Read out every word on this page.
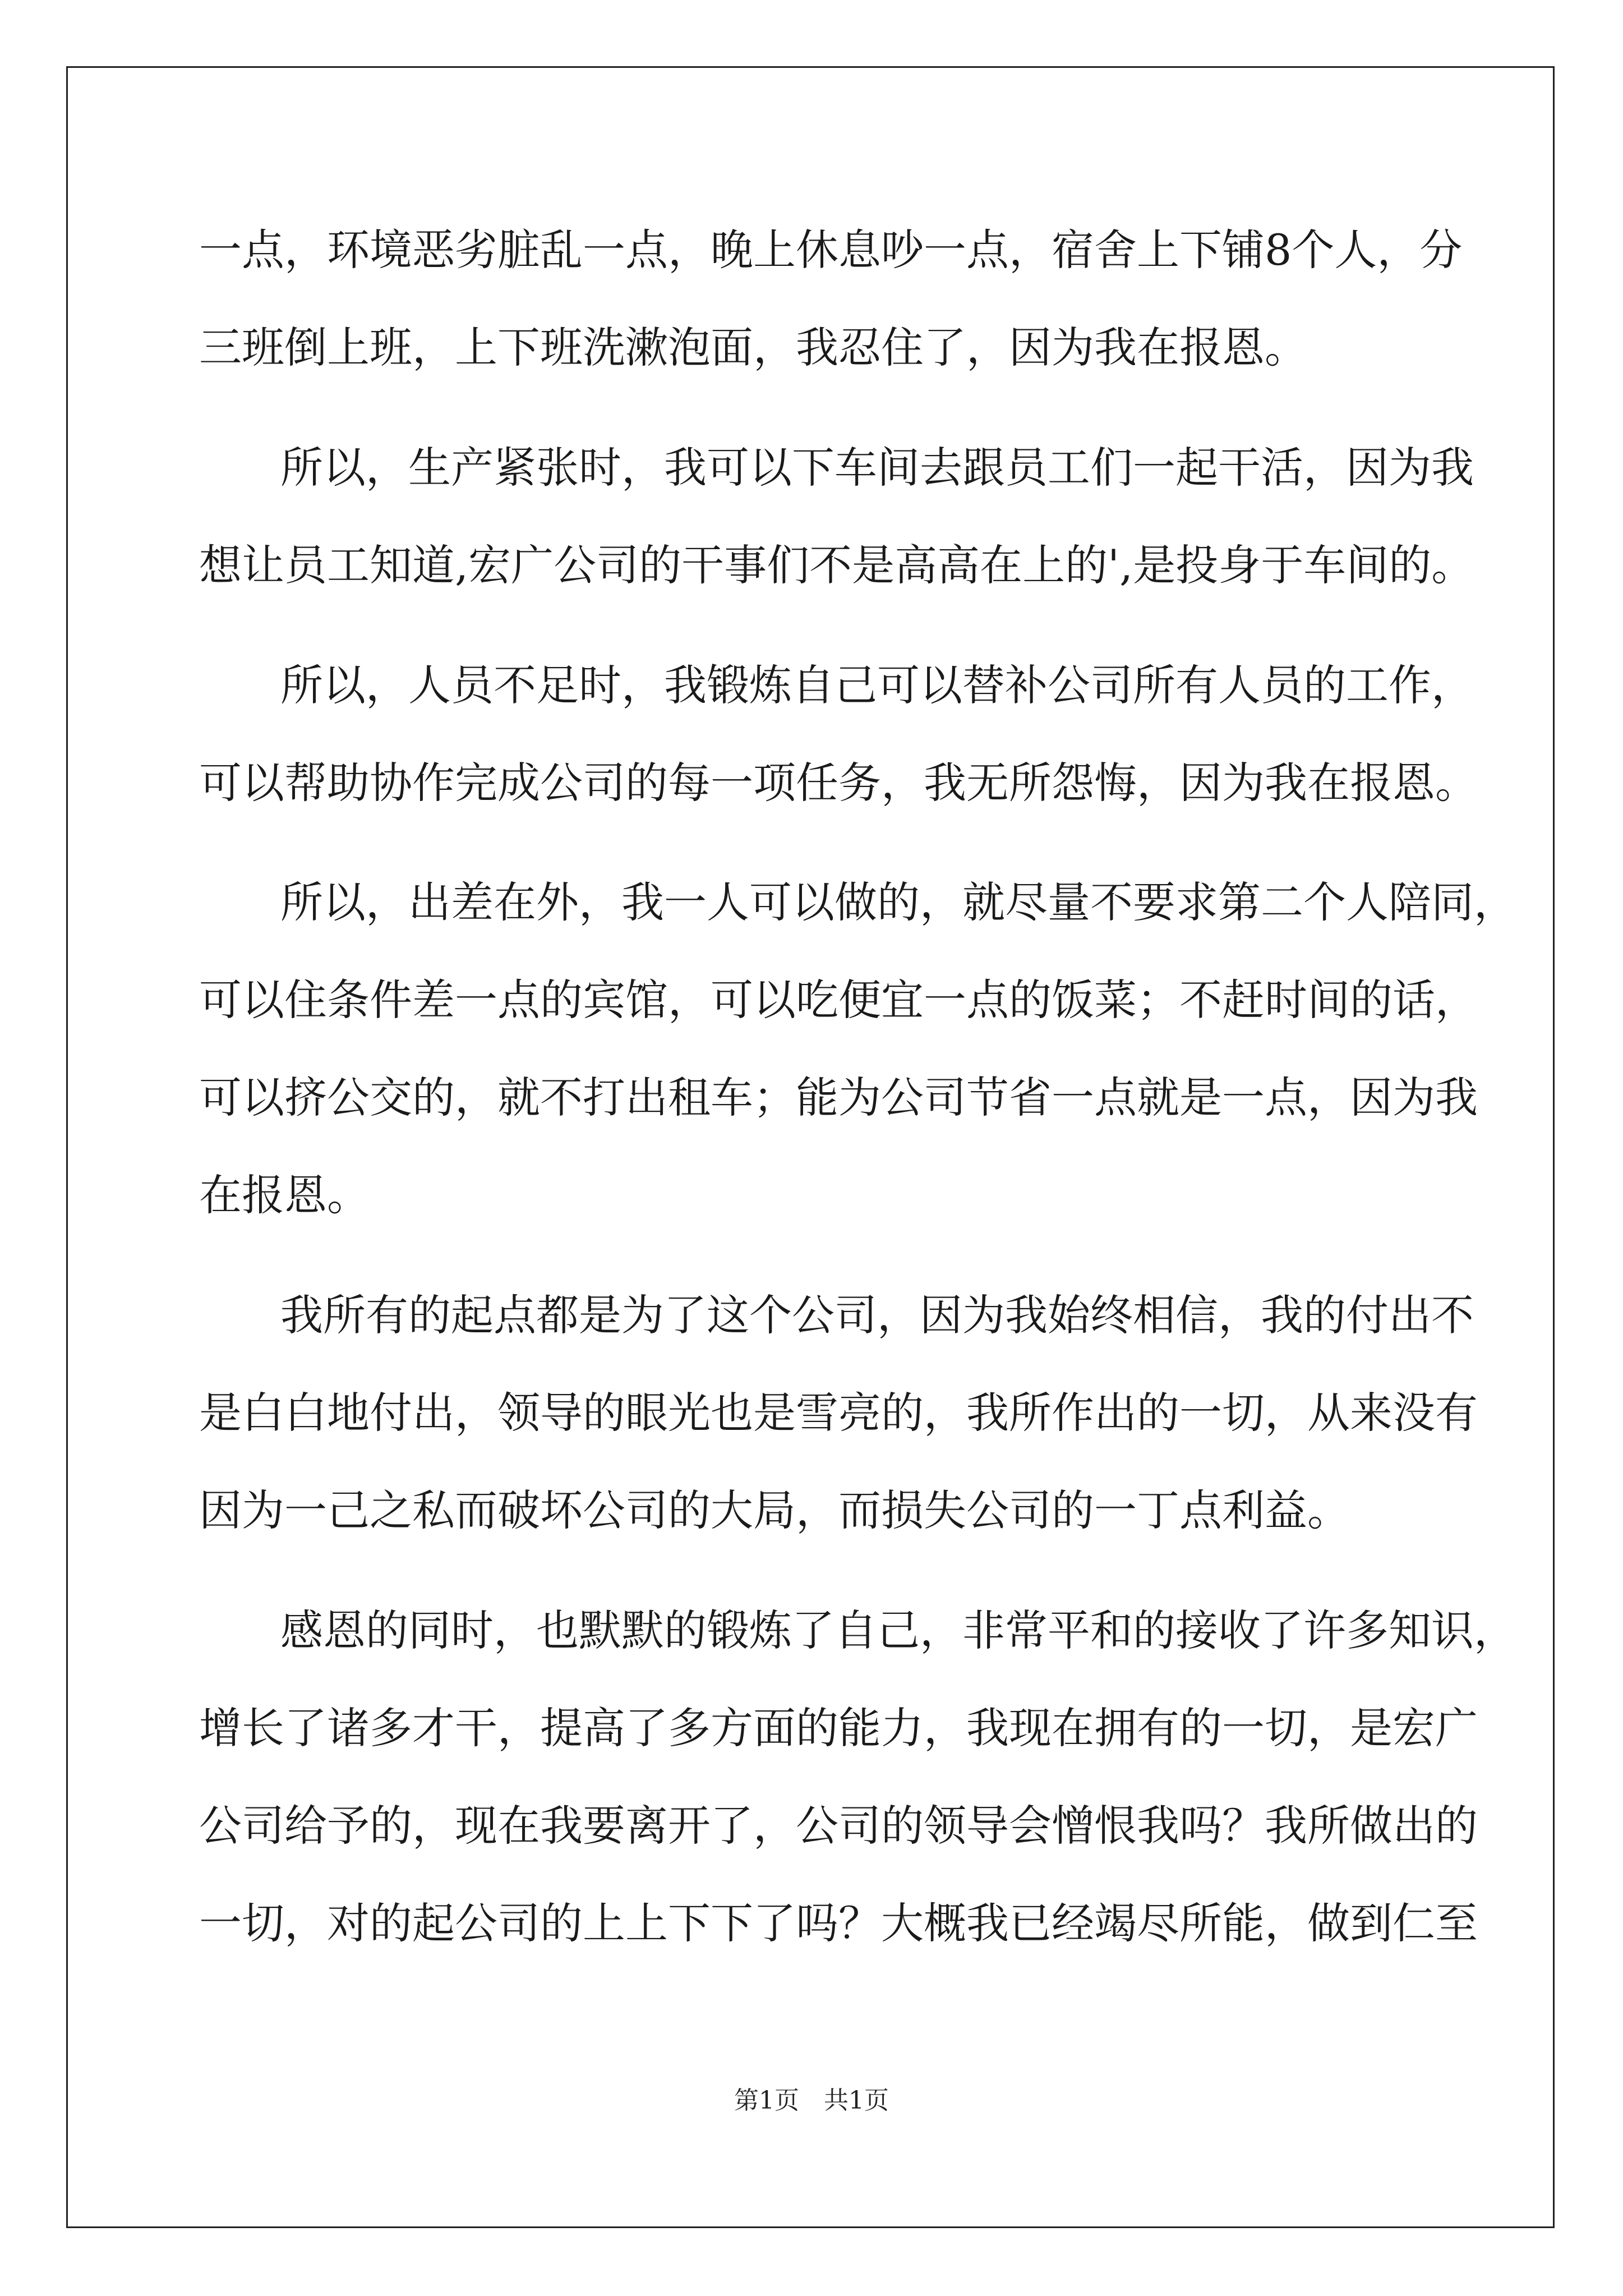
一点，环境恶劣脏乱一点，晚上休息吵一点，宿舍上下铺8个人，分
三班倒上班，上下班洗漱泡面，我忍住了，因为我在报恩。
所以，生产紧张时，我可以下车间去跟员工们一起干活，因为我
想让员工知道,宏广公司的干事们不是高高在上的',是投身于车间的。
所以，人员不足时，我锻炼自己可以替补公司所有人员的工作，
可以帮助协作完成公司的每一项任务，我无所怨悔，因为我在报恩。
所以，出差在外，我一人可以做的，就尽量不要求第二个人陪同，
可以住条件差一点的宾馆，可以吃便宜一点的饭菜；不赶时间的话，
可以挤公交的，就不打出租车；能为公司节省一点就是一点，因为我
在报恩。
我所有的起点都是为了这个公司，因为我始终相信，我的付出不
是白白地付出，领导的眼光也是雪亮的，我所作出的一切，从来没有
因为一己之私而破坏公司的大局，而损失公司的一丁点利益。
感恩的同时，也默默的锻炼了自己，非常平和的接收了许多知识，
增长了诸多才干，提高了多方面的能力，我现在拥有的一切，是宏广
公司给予的，现在我要离开了，公司的领导会憎恨我吗？我所做出的
一切，对的起公司的上上下下了吗？大概我已经竭尽所能，做到仁至
第1页　共1页
